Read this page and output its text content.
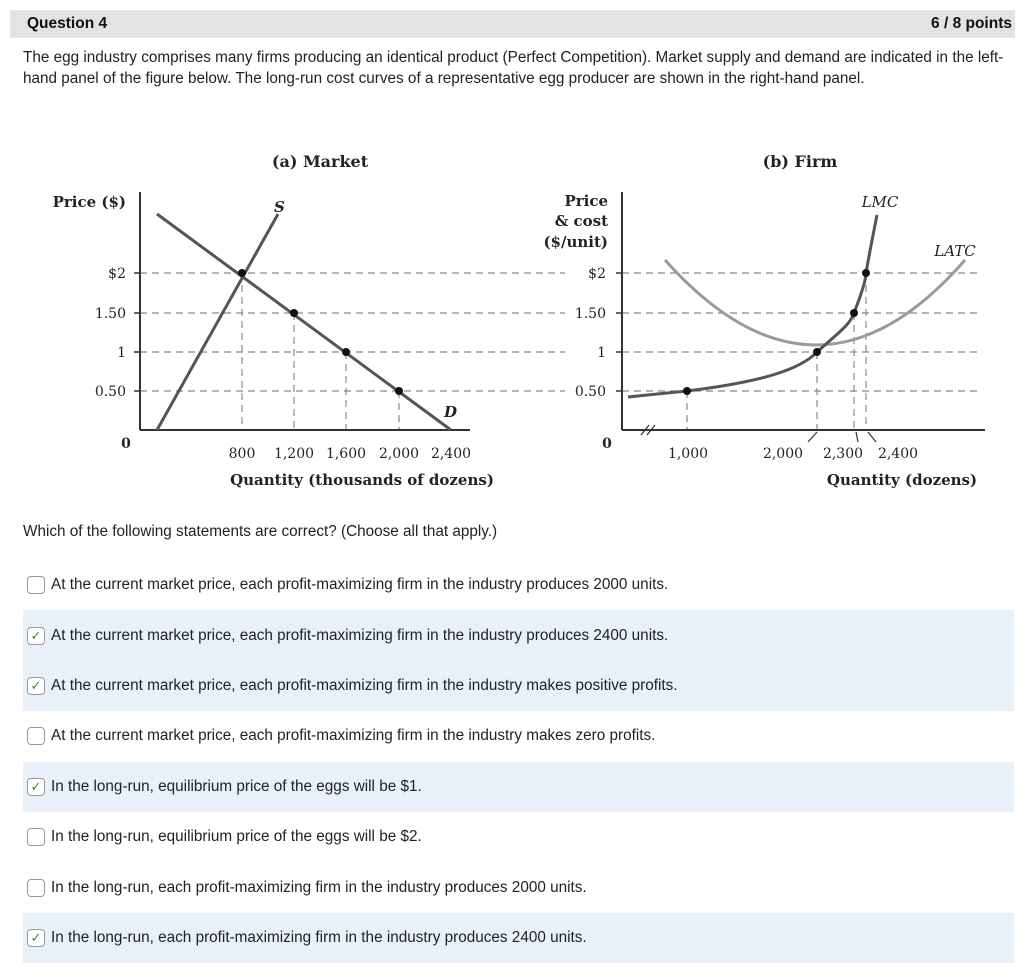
Question 4	6 / 8 points
The egg industry comprises many firms producing an identical product (Perfect Competition). Market supply and demand are indicated in the left-hand panel of the figure below. The long-run cost curves of a representative egg producer are shown in the right-hand panel.
(a) Market
Price ($)
$2
1.50
1
0.50
0
800 1,200 1,600 2,000 2,400
Quantity (thousands of dozens)
S
D
(b) Firm
Price
& cost
($/unit)
$2
1.50
1
0.50
0
1,000	2,000 2,300 2,400
Quantity (dozens)
LMC
LATC
Which of the following statements are correct? (Choose all that apply.)
At the current market price, each profit-maximizing firm in the industry produces 2000 units.
✓ At the current market price, each profit-maximizing firm in the industry produces 2400 units.
✓ At the current market price, each profit-maximizing firm in the industry makes positive profits.
At the current market price, each profit-maximizing firm in the industry makes zero profits.
✓ In the long-run, equilibrium price of the eggs will be $1.
In the long-run, equilibrium price of the eggs will be $2.
In the long-run, each profit-maximizing firm in the industry produces 2000 units.
✓ In the long-run, each profit-maximizing firm in the industry produces 2400 units.
